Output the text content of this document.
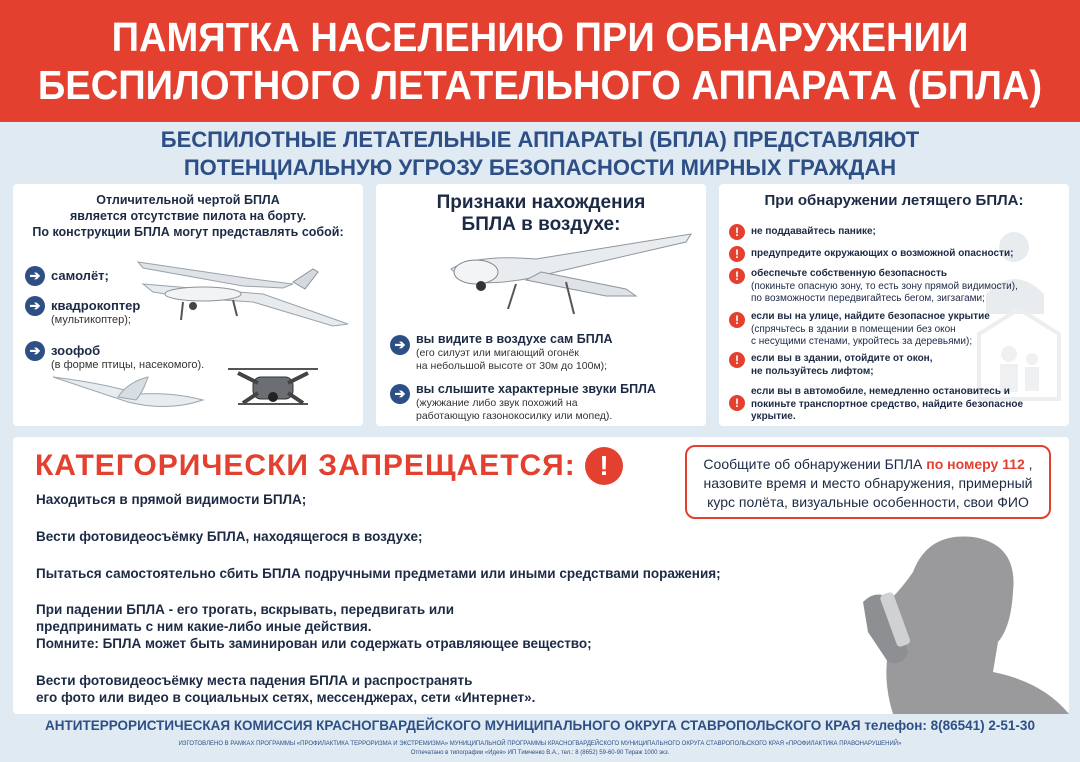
ПАМЯТКА НАСЕЛЕНИЮ ПРИ ОБНАРУЖЕНИИ
БЕСПИЛОТНОГО ЛЕТАТЕЛЬНОГО АППАРАТА (БПЛА)
БЕСПИЛОТНЫЕ ЛЕТАТЕЛЬНЫЕ АППАРАТЫ (БПЛА) ПРЕДСТАВЛЯЮТ
ПОТЕНЦИАЛЬНУЮ УГРОЗУ БЕЗОПАСНОСТИ МИРНЫХ ГРАЖДАН
Отличительной чертой БПЛА
является отсутствие пилота на борту.
По конструкции БПЛА могут представлять собой:
➔ самолёт;
➔ квадрокоптер
(мультикоптер);
➔ зоофоб
(в форме птицы, насекомого).
Признаки нахождения
БПЛА в воздухе:
➔ вы видите в воздухе сам БПЛА
(его силуэт или мигающий огонёк
на небольшой высоте от 30м до 100м);
➔ вы слышите характерные звуки БПЛА
(жужжание либо звук похожий на
работающую газонокосилку или мопед).
При обнаружении летящего БПЛА:
!	не поддавайтесь панике;
!	предупредите окружающих о возможной опасности;
!	обеспечьте собственную безопасность
(покиньте опасную зону, то есть зону прямой видимости),
по возможности передвигайтесь бегом, зигзагами;
!	если вы на улице, найдите безопасное укрытие
(спрячьтесь в здании в помещении без окон
с несущими стенами, укройтесь за деревьями);
!	если вы в здании, отойдите от окон,
не пользуйтесь лифтом;
!
если вы в автомобиле, немедленно остановитесь и
покиньте транспортное средство, найдите безопасное укрытие.
КАТЕГОРИЧЕСКИ ЗАПРЕЩАЕТСЯ: !
Находиться в прямой видимости БПЛА;
Вести фотовидеосъёмку БПЛА, находящегося в воздухе;
Пытаться самостоятельно сбить БПЛА подручными предметами или иными средствами поражения;
При падении БПЛА - его трогать, вскрывать, передвигать или
предпринимать с ним какие-либо иные действия.
Помните: БПЛА может быть заминирован или содержать отравляющее вещество;
Вести фотовидеосъёмку места падения БПЛА и распространять
его фото или видео в социальных сетях, мессенджерах, сети «Интернет».
Сообщите об обнаружении БПЛА по номеру 112 ,
назовите время и место обнаружения, примерный
курс полёта, визуальные особенности, свои ФИО
АНТИТЕРРОРИСТИЧЕСКАЯ КОМИССИЯ КРАСНОГВАРДЕЙСКОГО МУНИЦИПАЛЬНОГО ОКРУГА СТАВРОПОЛЬСКОГО КРАЯ телефон: 8(86541) 2-51-30
ИЗГОТОВЛЕНО В РАМКАХ ПРОГРАММЫ «ПРОФИЛАКТИКА ТЕРРОРИЗМА И ЭКСТРЕМИЗМА» МУНИЦИПАЛЬНОЙ ПРОГРАММЫ КРАСНОГВАРДЕЙСКОГО МУНИЦИПАЛЬНОГО ОКРУГА СТАВРОПОЛЬСКОГО КРАЯ «ПРОФИЛАКТИКА ПРАВОНАРУШЕНИЙ»
Отпечатано в типографии «Идея» ИП Тимченко В.А., тел.: 8 (8652) 59-60-90 Тираж 1000 экз.
